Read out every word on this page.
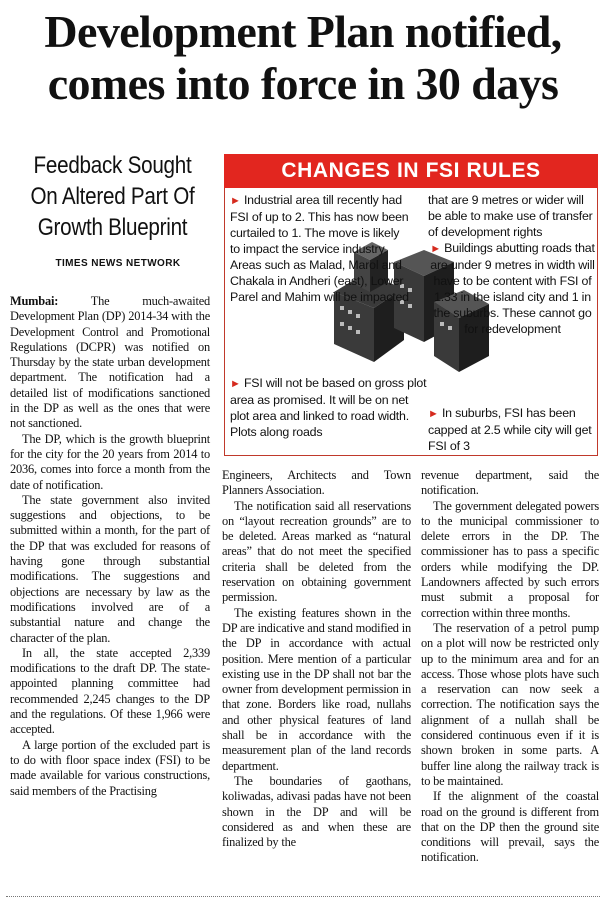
Development Plan notified,
comes into force in 30 days
Feedback Sought
On Altered Part Of
Growth Blueprint
TIMES NEWS NETWORK

Mumbai:	The much-awaited Development Plan (DP) 2014-34 with the Development Control and Promotional Regulations (DCPR) was notified on Thursday by the state urban development department. The notification had a detailed list of modifications sanctioned in the DP as well as the ones that were not sanctioned.

The DP, which is the growth blueprint for the city for the 20 years from 2014 to 2036, comes into force a month from the date of notification.

The state government also invited suggestions and objections, to be submitted within a month, for the part of the DP that was excluded for reasons of having gone through substantial modifications. The suggestions and objections are necessary by law as the modifications involved are of a substantial nature and change the character of the plan.

In all, the state accepted 2,339 modifications to the draft DP. The state-appointed planning committee had recommended 2,245 changes to the DP and the regulations. Of these 1,966 were accepted.

A large portion of the excluded part is to do with floor space index (FSI) to be made available for various constructions, said members of the Practising

CHANGES IN FSI RULES
► Industrial area till recently had FSI of up to 2. This has now been curtailed to 1. The move is likely to impact the service industry. Areas such as Malad, Marol and Chakala in Andheri (east), Lower Parel and Mahim will be impacted
► FSI will not be based on gross plot area as promised. It will be on net plot area and linked to road width. Plots along roads
that are 9 metres or wider will be able to make use of transfer of development rights
► Buildings abutting roads that are under 9 metres in width will have to be content with FSI of 1.33 in the island city and 1 in the suburbs. These cannot go for redevelopment
► In suburbs, FSI has been capped at 2.5 while city will get FSI of 3

Engineers, Architects and Town Planners Association.

The notification said all reservations on “layout recreation grounds” are to be deleted. Areas marked as “natural areas” that do not meet the specified criteria shall be deleted from the reservation on obtaining government permission.

The existing features shown in the DP are indicative and stand modified in the DP in accordance with actual position. Mere mention of a particular existing use in the DP shall not bar the owner from development permission in that zone. Borders like road, nullahs and other physical features of land shall be in accordance with the measurement plan of the land records department.

The boundaries of gaothans, koliwadas, adivasi padas have not been shown in the DP and will be considered as and when these are finalized by the

revenue department, said the notification.

The government delegated powers to the municipal commissioner to delete errors in the DP. The commissioner has to pass a specific orders while modifying the DP. Landowners affected by such errors must submit a proposal for correction within three months.

The reservation of a petrol pump on a plot will now be restricted only up to the minimum area and for an access. Those whose plots have such a reservation can now seek a correction. The notification says the alignment of a nullah shall be considered continuous even if it is shown broken in some parts. A buffer line along the railway track is to be maintained.

If the alignment of the coastal road on the ground is different from that on the DP then the ground site conditions will prevail, says the notification.
